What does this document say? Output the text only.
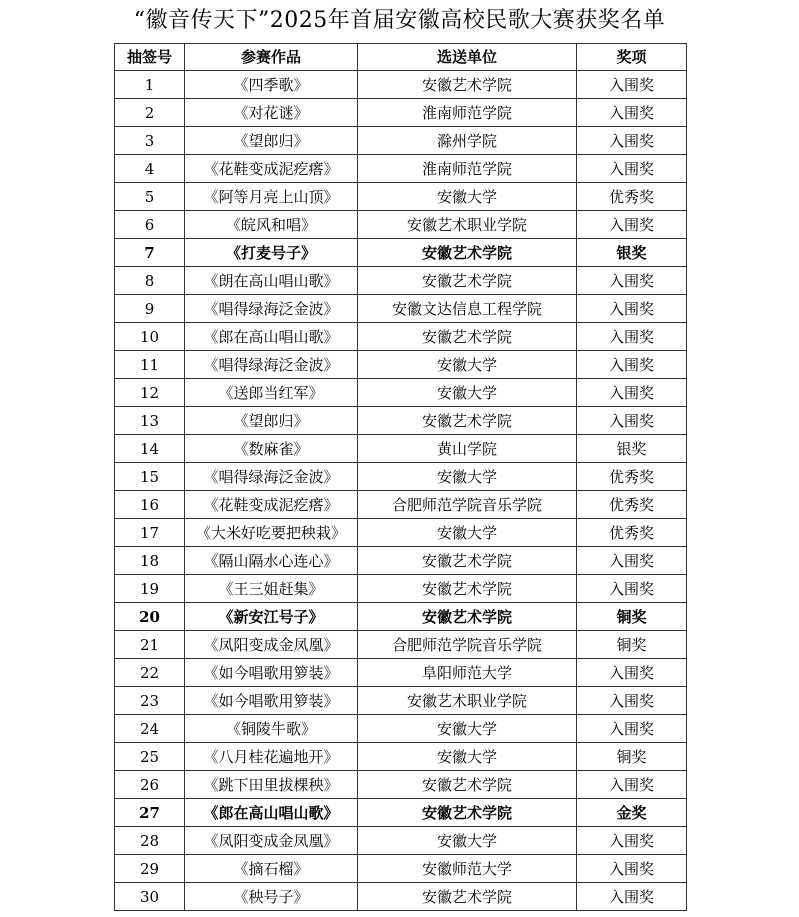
“徽音传天下”2025年首届安徽高校民歌大赛获奖名单
抽签号	参赛作品	选送单位	奖项
1	《四季歌》	安徽艺术学院	入围奖
2	《对花谜》	淮南师范学院	入围奖
3	《望郎归》	滁州学院	入围奖
4	《花鞋变成泥疙瘩》	淮南师范学院	入围奖
5	《阿等月亮上山顶》	安徽大学	优秀奖
6	《皖风和唱》	安徽艺术职业学院	入围奖
7	《打麦号子》	安徽艺术学院	银奖
8	《朗在高山唱山歌》	安徽艺术学院	入围奖
9	《唱得绿海泛金波》	安徽文达信息工程学院	入围奖
10	《郎在高山唱山歌》	安徽艺术学院	入围奖
11	《唱得绿海泛金波》	安徽大学	入围奖
12	《送郎当红军》	安徽大学	入围奖
13	《望郎归》	安徽艺术学院	入围奖
14	《数麻雀》	黄山学院	银奖
15	《唱得绿海泛金波》	安徽大学	优秀奖
16	《花鞋变成泥疙瘩》	合肥师范学院音乐学院	优秀奖
17	《大米好吃要把秧栽》	安徽大学	优秀奖
18	《隔山隔水心连心》	安徽艺术学院	入围奖
19	《王三姐赶集》	安徽艺术学院	入围奖
20	《新安江号子》	安徽艺术学院	铜奖
21	《凤阳变成金凤凰》	合肥师范学院音乐学院	铜奖
22	《如今唱歌用箩装》	阜阳师范大学	入围奖
23	《如今唱歌用箩装》	安徽艺术职业学院	入围奖
24	《铜陵牛歌》	安徽大学	入围奖
25	《八月桂花遍地开》	安徽大学	铜奖
26	《跳下田里拔棵秧》	安徽艺术学院	入围奖
27	《郎在高山唱山歌》	安徽艺术学院	金奖
28	《凤阳变成金凤凰》	安徽大学	入围奖
29	《摘石榴》	安徽师范大学	入围奖
30	《秧号子》	安徽艺术学院	入围奖
